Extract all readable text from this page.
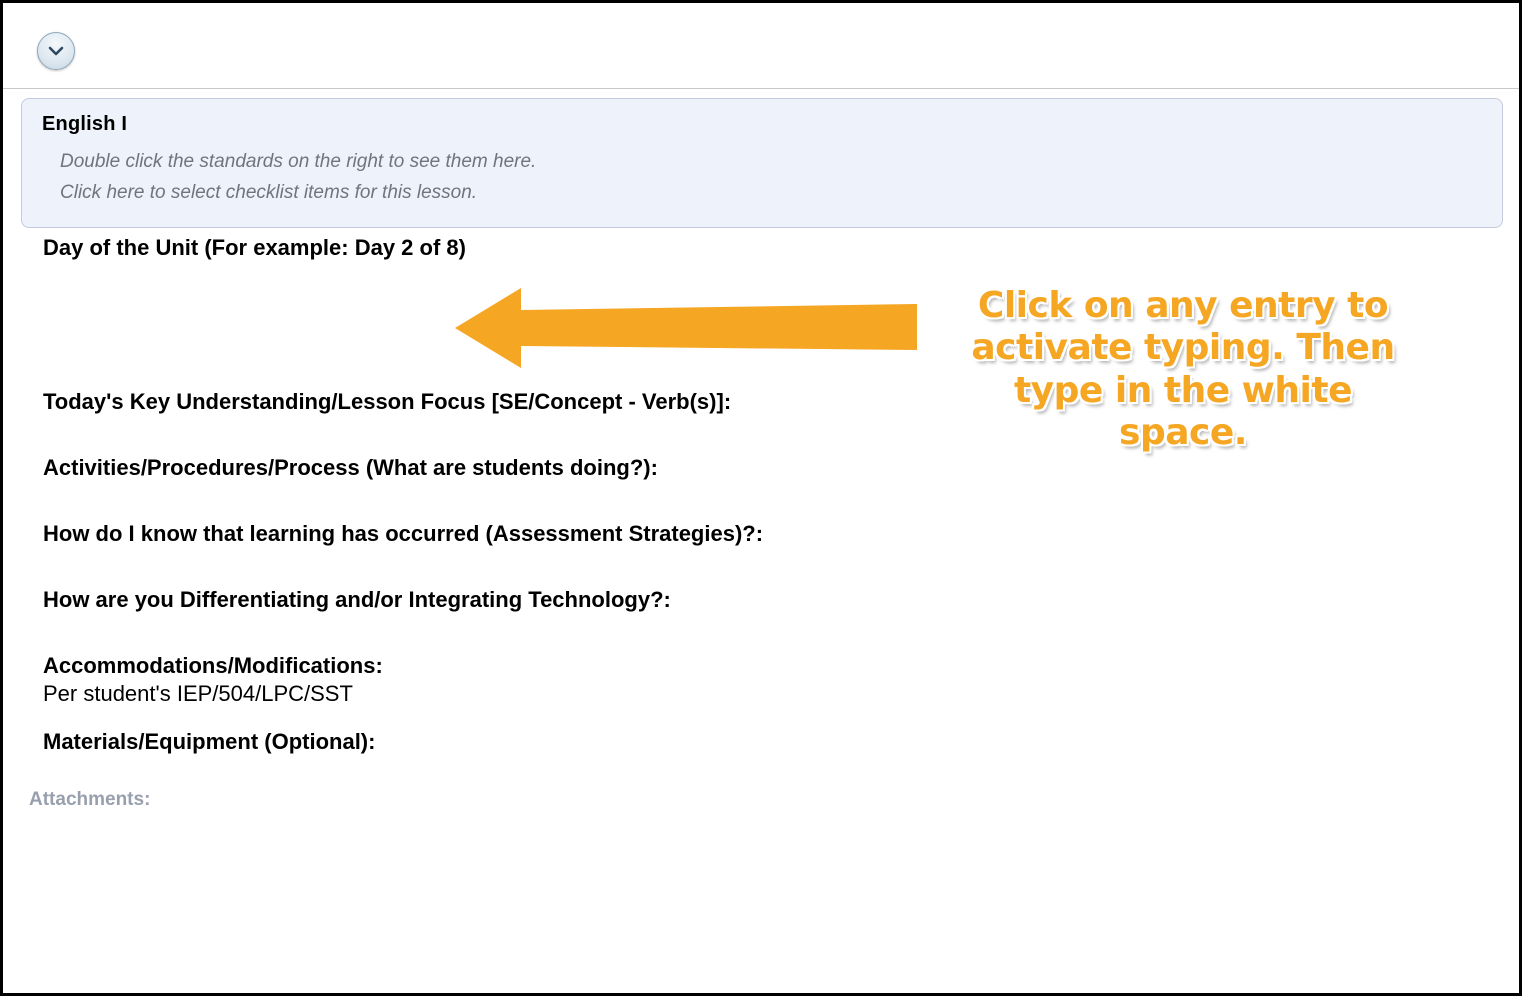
English I
Double click the standards on the right to see them here.
Click here to select checklist items for this lesson.
Day of the Unit (For example: Day 2 of 8)
Today's Key Understanding/Lesson Focus [SE/Concept - Verb(s)]:
Activities/Procedures/Process (What are students doing?):
How do I know that learning has occurred (Assessment Strategies)?:
How are you Differentiating and/or Integrating Technology?:
Accommodations/Modifications:
Per student's IEP/504/LPC/SST
Materials/Equipment (Optional):
Attachments:
Click on any entry to activate typing. Then type in the white space.
